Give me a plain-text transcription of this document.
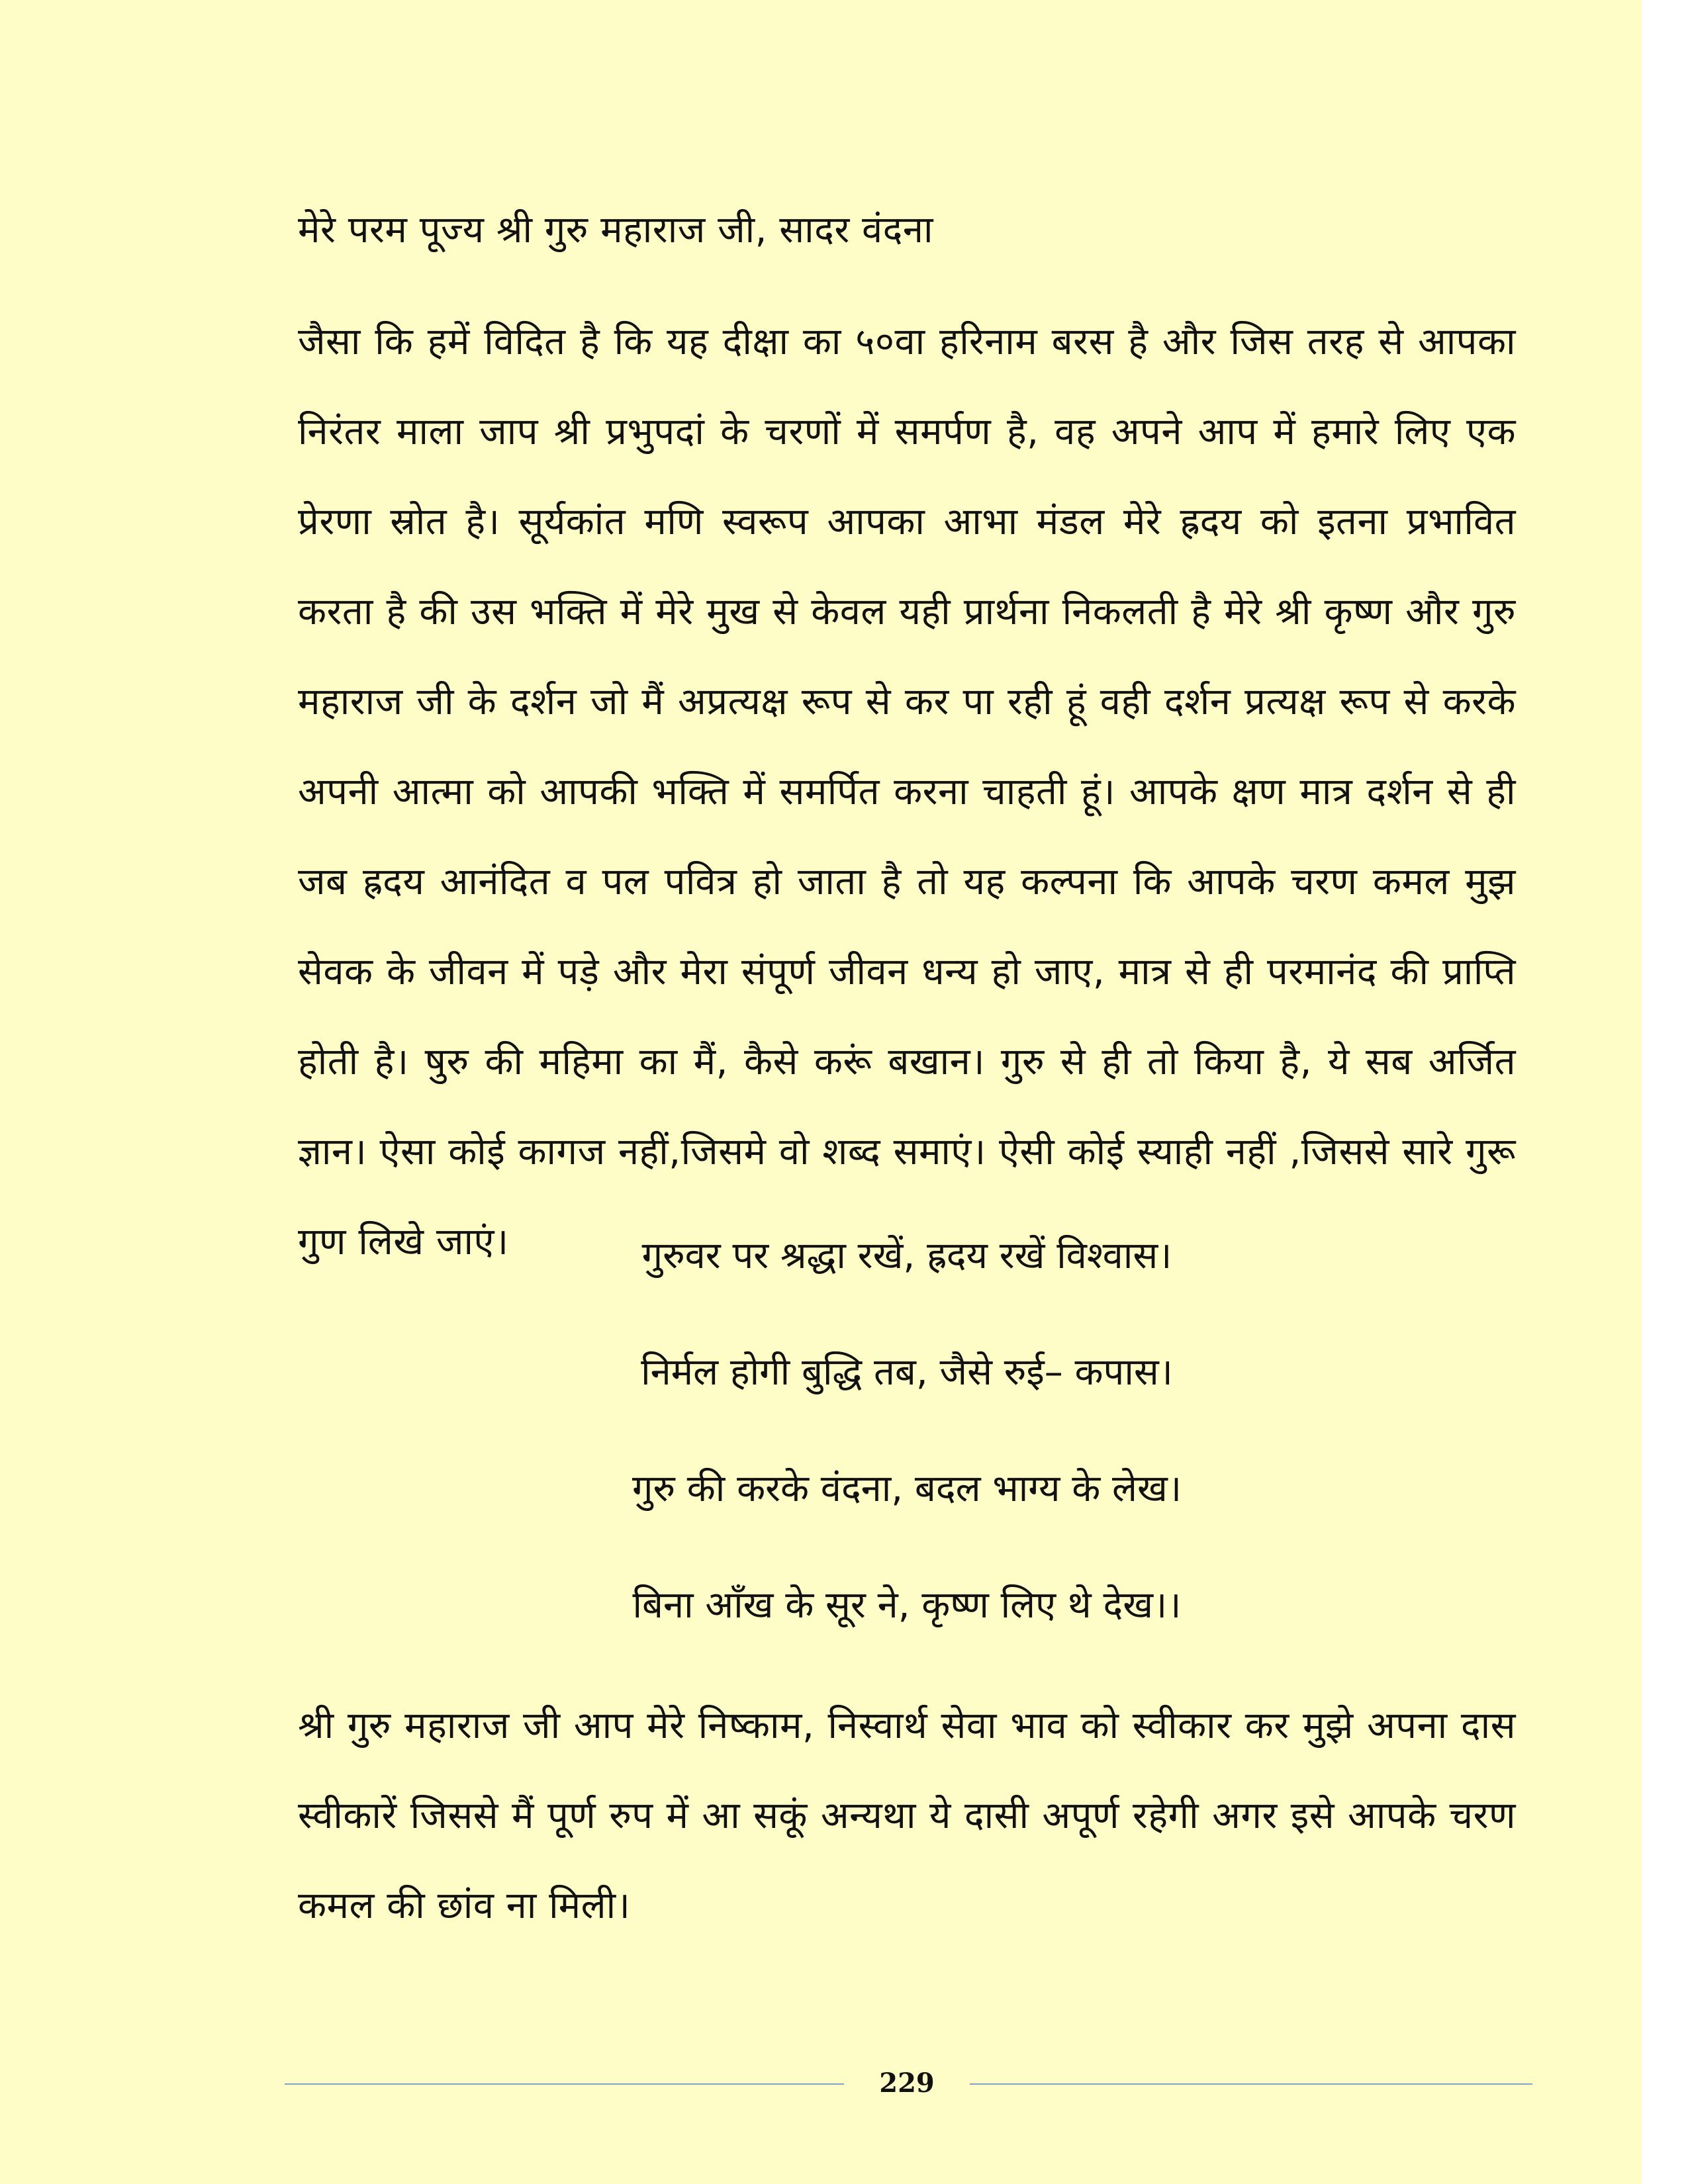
मेरे परम पूज्य श्री गुरु महाराज जी, सादर वंदना
जैसा कि हमें विदित है कि यह दीक्षा का ५०वा हरिनाम बरस है और जिस तरह से आपका निरंतर माला जाप श्री प्रभुपदां के चरणों में समर्पण है, वह अपने आप में हमारे लिए एक प्रेरणा स्रोत है। सूर्यकांत मणि स्वरूप आपका आभा मंडल मेरे ह्रदय को इतना प्रभावित करता है की उस भक्ति में मेरे मुख से केवल यही प्रार्थना निकलती है मेरे श्री कृष्ण और गुरु महाराज जी के दर्शन जो मैं अप्रत्यक्ष रूप से कर पा रही हूं वही दर्शन प्रत्यक्ष रूप से करके अपनी आत्मा को आपकी भक्ति में समर्पित करना चाहती हूं। आपके क्षण मात्र दर्शन से ही जब ह्रदय आनंदित व पल पवित्र हो जाता है तो यह कल्पना कि आपके चरण कमल मुझ सेवक के जीवन में पड़े और मेरा संपूर्ण जीवन धन्य हो जाए, मात्र से ही परमानंद की प्राप्ति होती है। षुरु की महिमा का मैं, कैसे करूं बखान। गुरु से ही तो किया है, ये सब अर्जित ज्ञान। ऐसा कोई कागज नहीं,जिसमे वो शब्द समाएं। ऐसी कोई स्याही नहीं ,जिससे सारे गुरू गुण लिखे जाएं।	गुरुवर पर श्रद्धा रखें, ह्रदय रखें विश्वास।
निर्मल होगी बुद्धि तब, जैसे रुई– कपास।
गुरु की करके वंदना, बदल भाग्य के लेख।
बिना आँख के सूर ने, कृष्ण लिए थे देख।।
श्री गुरु महाराज जी आप मेरे निष्काम, निस्वार्थ सेवा भाव को स्वीकार कर मुझे अपना दास स्वीकारें जिससे मैं पूर्ण रुप में आ सकूं अन्यथा ये दासी अपूर्ण रहेगी अगर इसे आपके चरण कमल की छांव ना मिली।
229
